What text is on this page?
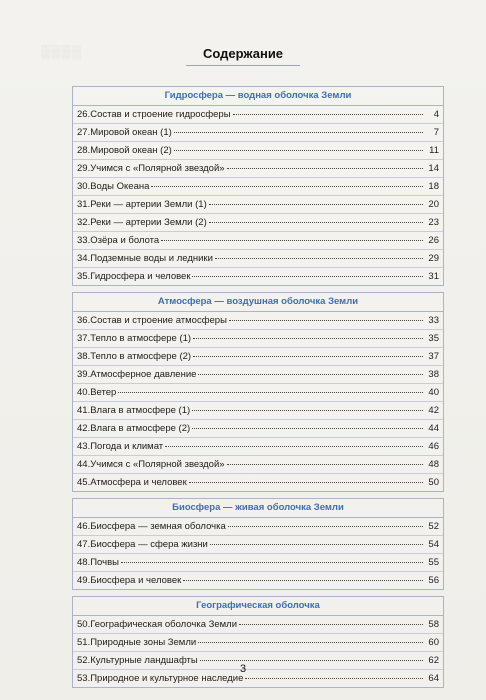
▒▒▒▒	Содержание
Гидросфера — водная оболочка Земли
26. Состав и строение гидросферы	4
27. Мировой океан (1)	7
28. Мировой океан (2)	11
29. Учимся с «Полярной звездой»	14
30. Воды Океана	18
31. Реки — артерии Земли (1)	20
32. Реки — артерии Земли (2)	23
33. Озёра и болота	26
34. Подземные воды и ледники	29
35. Гидросфера и человек	31
Атмосфера — воздушная оболочка Земли
36. Состав и строение атмосферы	33
37. Тепло в атмосфере (1)	35
38. Тепло в атмосфере (2)	37
39. Атмосферное давление	38
40. Ветер	40
41. Влага в атмосфере (1)	42
42. Влага в атмосфере (2)	44
43. Погода и климат	46
44. Учимся с «Полярной звездой»	48
45. Атмосфера и человек	50
Биосфера — живая оболочка Земли
46. Биосфера — земная оболочка	52
47. Биосфера — сфера жизни	54
48. Почвы	55
49. Биосфера и человек	56
Географическая оболочка
50. Географическая оболочка Земли	58
51. Природные зоны Земли	60
52. Культурные ландшафты	62
53. Природное и культурное наследие	64
3
